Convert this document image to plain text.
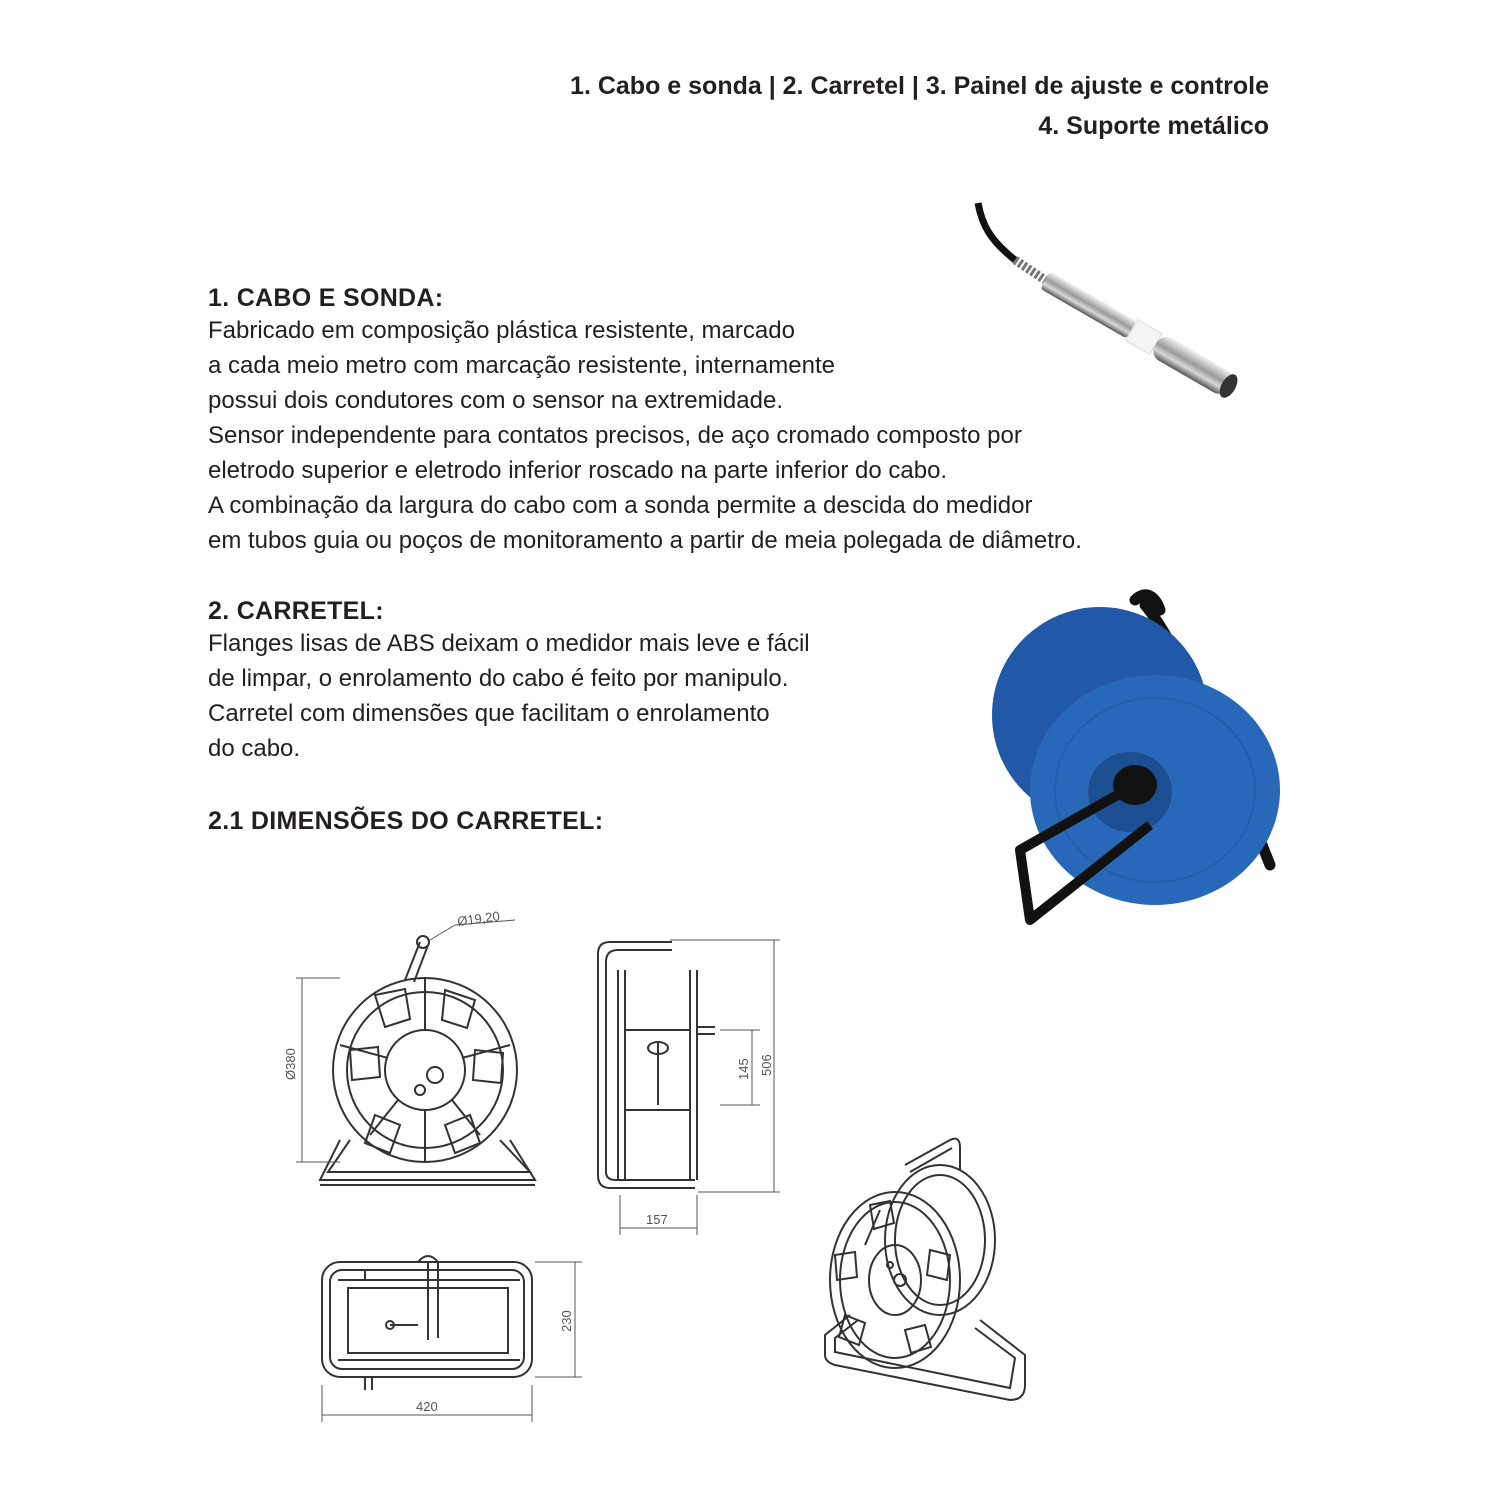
1. Cabo e sonda | 2. Carretel | 3. Painel de ajuste e controle
4. Suporte metálico
1. CABO E SONDA:

Fabricado em composição plástica resistente, marcado

a cada meio metro com marcação resistente, internamente

possui dois condutores com o sensor na extremidade.

Sensor independente para contatos precisos, de aço cromado composto por

eletrodo superior e eletrodo inferior roscado na parte inferior do cabo.

A combinação da largura do cabo com a sonda permite a descida do medidor

em tubos guia ou poços de monitoramento a partir de meia polegada de diâmetro.

2. CARRETEL:

Flanges lisas de ABS deixam o medidor mais leve e fácil

de limpar, o enrolamento do cabo é feito por manipulo.

Carretel com dimensões que facilitam o enrolamento

do cabo.

2.1 DIMENSÕES DO CARRETEL:
Ø19,20
Ø380	145 506
157
230
420
